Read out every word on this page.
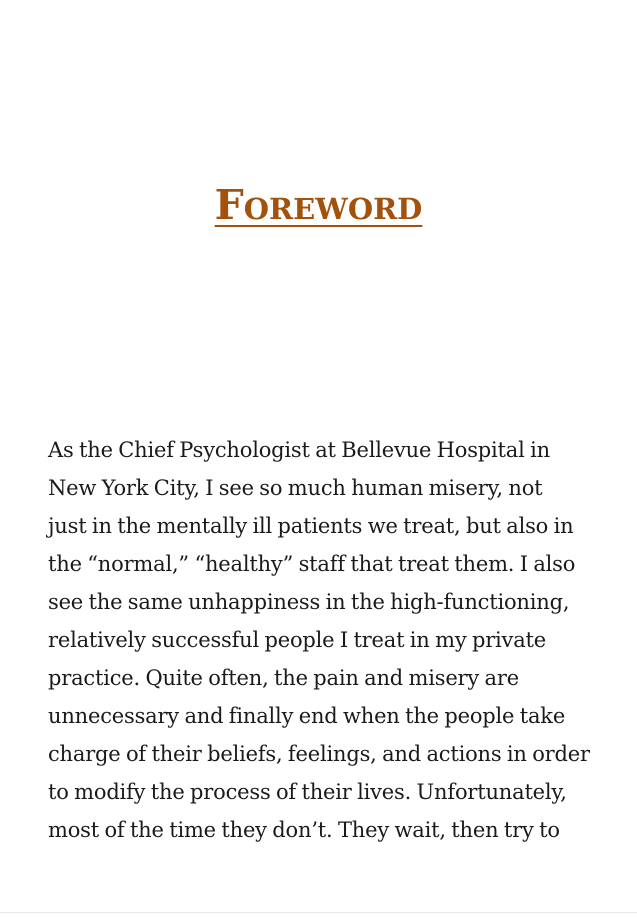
Foreword

As the Chief Psychologist at Bellevue Hospital in
New York City, I see so much human misery, not
just in the mentally ill patients we treat, but also in
the “normal,” “healthy” staff that treat them. I also
see the same unhappiness in the high-functioning,
relatively successful people I treat in my private
practice. Quite often, the pain and misery are
unnecessary and finally end when the people take
charge of their beliefs, feelings, and actions in order
to modify the process of their lives. Unfortunately,
most of the time they don’t. They wait, then try to
